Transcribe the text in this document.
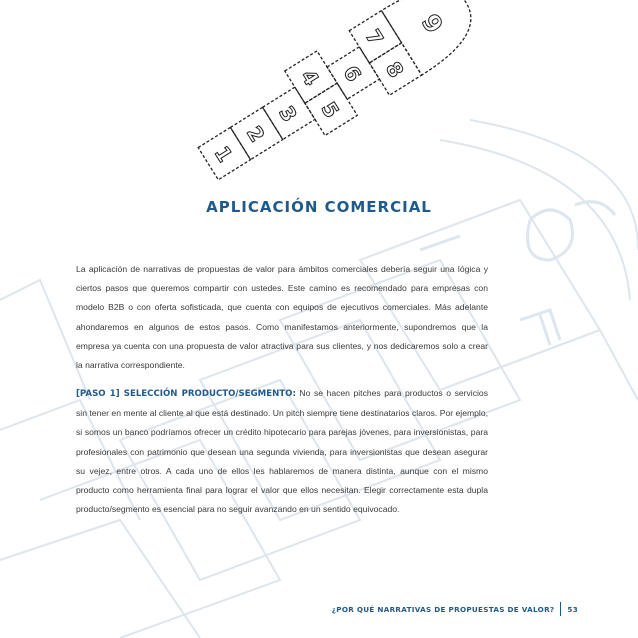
1
2
3
4
5
6
7
8
9
APLICACIÓN COMERCIAL

La aplicación de narrativas de propuestas de valor para ámbitos comerciales debería seguir una lógica y ciertos pasos que queremos compartir con ustedes. Este camino es recomendado para empresas con modelo B2B o con oferta sofisticada, que cuenta con equipos de ejecutivos comerciales. Más adelante ahondaremos en algunos de estos pasos. Como manifestamos anteriormente, supondremos que la empresa ya cuenta con una propuesta de valor atractiva para sus clientes, y nos dedicaremos solo a crear la narrativa correspondiente.

[PASO 1] SELECCIÓN PRODUCTO/SEGMENTO: No se hacen pitches para productos o servicios sin tener en mente al cliente al que está destinado. Un pitch siempre tiene destinatarios claros. Por ejemplo, si somos un banco podríamos ofrecer un crédito hipotecario para parejas jóvenes, para inversionistas, para profesionales con patrimonio que desean una segunda vivienda, para inversionistas que desean asegurar su vejez, entre otros. A cada uno de ellos les hablaremos de manera distinta, aunque con el mismo producto como herramienta final para lograr el valor que ellos necesitan. Elegir correctamente esta dupla producto/segmento es esencial para no seguir avanzando en un sentido equivocado.

¿POR QUÉ NARRATIVAS DE PROPUESTAS DE VALOR? 53
